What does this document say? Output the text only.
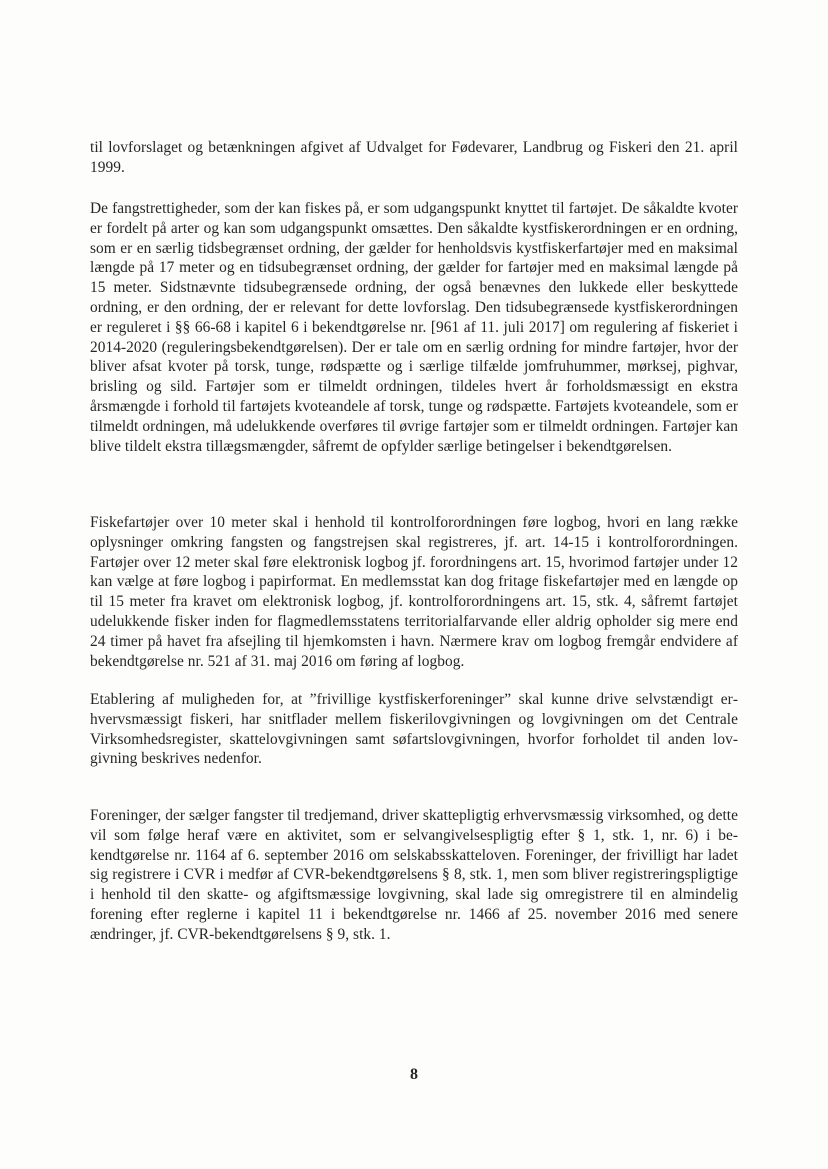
til lovforslaget og betænkningen afgivet af Udvalget for Fødevarer, Landbrug og Fiskeri den 21. april 1999.

De fangstrettigheder, som der kan fiskes på, er som udgangspunkt knyttet til fartøjet. De såkaldte kvoter er fordelt på arter og kan som udgangspunkt omsættes. Den såkaldte kystfiskerordningen er en ordning, som er en særlig tidsbegrænset ordning, der gælder for henholdsvis kystfiskerfartøjer med en maksimal længde på 17 meter og en tidsubegrænset ordning, der gælder for fartøjer med en maksimal længde på 15 meter. Sidstnævnte tidsubegrænsede ordning, der også benævnes den lukkede eller beskyttede ordning, er den ordning, der er relevant for dette lovforslag. Den tidsubegrænsede kystfiskerordningen er reguleret i §§ 66-68 i kapitel 6 i bekendtgørelse nr. [961 af 11. juli 2017] om regulering af fiskeriet i 2014-2020 (reguleringsbekendtgørelsen). Der er tale om en særlig ordning for mindre fartøjer, hvor der bliver afsat kvoter på torsk, tunge, rødspætte og i særlige tilfælde jomfruhummer, mørksej, pighvar, brisling og sild. Fartøjer som er tilmeldt ordningen, tildeles hvert år forholdsmæssigt en ekstra årsmængde i forhold til fartøjets kvoteandele af torsk, tunge og rødspætte. Fartøjets kvoteandele, som er tilmeldt ordningen, må udelukkende overføres til øvrige fartøjer som er tilmeldt ordningen. Fartøjer kan blive tildelt ekstra tillægsmængder, såfremt de opfylder særlige betingelser i bekendtgørelsen.

Fiskefartøjer over 10 meter skal i henhold til kontrolforordningen føre logbog, hvori en lang række oplysninger omkring fangsten og fangstrejsen skal registreres, jf. art. 14-15 i kontrolforordningen. Fartøjer over 12 meter skal føre elektronisk logbog jf. forordningens art. 15, hvorimod fartøjer under 12 kan vælge at føre logbog i papirformat. En medlemsstat kan dog fritage fiskefartøjer med en længde op til 15 meter fra kravet om elektronisk logbog, jf. kontrolforordningens art. 15, stk. 4, såfremt fartøjet udelukkende fisker inden for flagmedlemsstatens territorialfarvande eller aldrig opholder sig mere end 24 timer på havet fra afsejling til hjemkomsten i havn. Nærmere krav om logbog fremgår endvidere af bekendtgørelse nr. 521 af 31. maj 2016 om føring af logbog.

Etablering af muligheden for, at ”frivillige kystfiskerforeninger” skal kunne drive selvstændigt erhvervsmæssigt fiskeri, har snitflader mellem fiskerilovgivningen og lovgivningen om det Centrale Virksomhedsregister, skattelovgivningen samt søfartslovgivningen, hvorfor forholdet til anden lovgivning beskrives nedenfor.

Foreninger, der sælger fangster til tredjemand, driver skattepligtig erhvervsmæssig virksomhed, og dette vil som følge heraf være en aktivitet, som er selvangivelsespligtig efter § 1, stk. 1, nr. 6) i bekendtgørelse nr. 1164 af 6. september 2016 om selskabsskatteloven. Foreninger, der frivilligt har ladet sig registrere i CVR i medfør af CVR-bekendtgørelsens § 8, stk. 1, men som bliver registreringspligtige i henhold til den skatte- og afgiftsmæssige lovgivning, skal lade sig omregistrere til en almindelig forening efter reglerne i kapitel 11 i bekendtgørelse nr. 1466 af 25. november 2016 med senere ændringer, jf. CVR-bekendtgørelsens § 9, stk. 1.

8
